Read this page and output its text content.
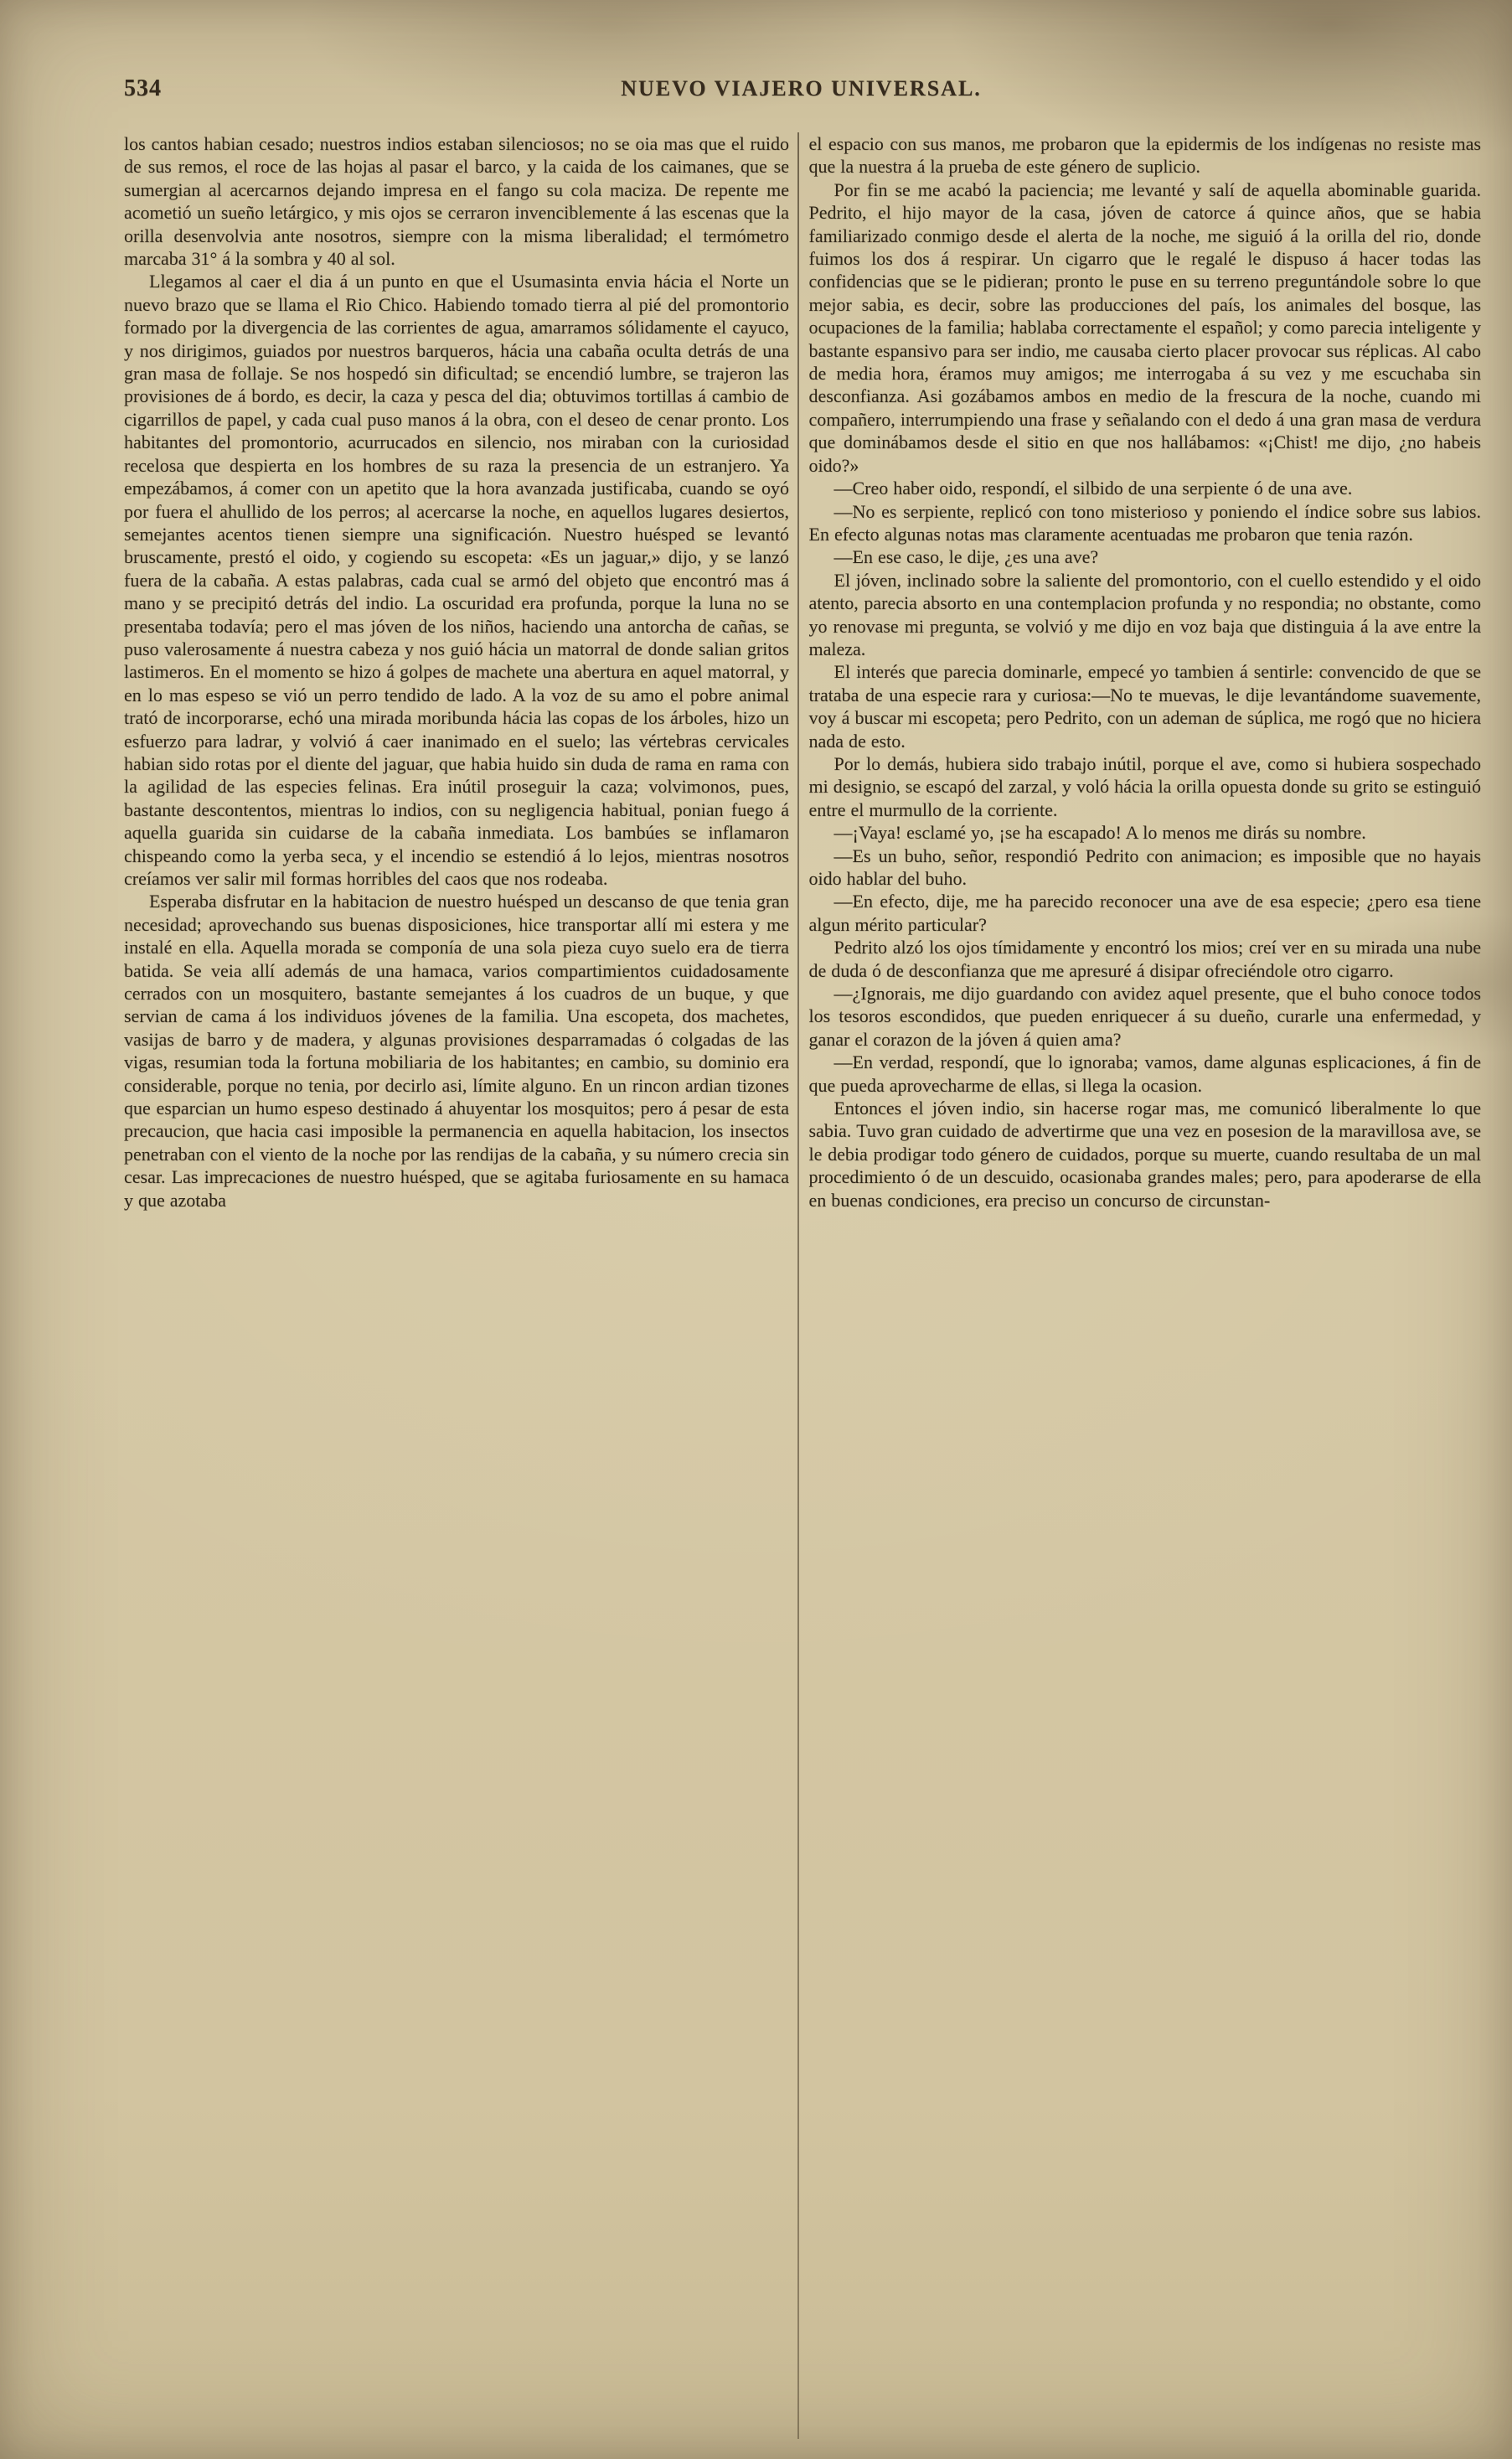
534	NUEVO VIAJERO UNIVERSAL.

los cantos habian cesado; nuestros indios estaban silenciosos; no se oia mas que el ruido de sus remos, el roce de las hojas al pasar el barco, y la caida de los caimanes, que se sumergian al acercarnos dejando impresa en el fango su cola maciza. De repente me acometió un sueño letárgico, y mis ojos se cerraron invenciblemente á las escenas que la orilla desenvolvia ante nosotros, siempre con la misma liberalidad; el termómetro marcaba 31° á la sombra y 40 al sol.

Llegamos al caer el dia á un punto en que el Usumasinta envia hácia el Norte un nuevo brazo que se llama el Rio Chico. Habiendo tomado tierra al pié del promontorio formado por la divergencia de las corrientes de agua, amarramos sólidamente el cayuco, y nos dirigimos, guiados por nuestros barqueros, hácia una cabaña oculta detrás de una gran masa de follaje. Se nos hospedó sin dificultad; se encendió lumbre, se trajeron las provisiones de á bordo, es decir, la caza y pesca del dia; obtuvimos tortillas á cambio de cigarrillos de papel, y cada cual puso manos á la obra, con el deseo de cenar pronto. Los habitantes del promontorio, acurrucados en silencio, nos miraban con la curiosidad recelosa que despierta en los hombres de su raza la presencia de un estranjero. Ya empezábamos, á comer con un apetito que la hora avanzada justificaba, cuando se oyó por fuera el ahullido de los perros; al acercarse la noche, en aquellos lugares desiertos, semejantes acentos tienen siempre una significación. Nuestro huésped se levantó bruscamente, prestó el oido, y cogiendo su escopeta: «Es un jaguar,» dijo, y se lanzó fuera de la cabaña. A estas palabras, cada cual se armó del objeto que encontró mas á mano y se precipitó detrás del indio. La oscuridad era profunda, porque la luna no se presentaba todavía; pero el mas jóven de los niños, haciendo una antorcha de cañas, se puso valerosamente á nuestra cabeza y nos guió hácia un matorral de donde salian gritos lastimeros. En el momento se hizo á golpes de machete una abertura en aquel matorral, y en lo mas espeso se vió un perro tendido de lado. A la voz de su amo el pobre animal trató de incorporarse, echó una mirada moribunda hácia las copas de los árboles, hizo un esfuerzo para ladrar, y volvió á caer inanimado en el suelo; las vértebras cervicales habian sido rotas por el diente del jaguar, que habia huido sin duda de rama en rama con la agilidad de las especies felinas. Era inútil proseguir la caza; volvimonos, pues, bastante descontentos, mientras lo indios, con su negligencia habitual, ponian fuego á aquella guarida sin cuidarse de la cabaña inmediata. Los bambúes se inflamaron chispeando como la yerba seca, y el incendio se estendió á lo lejos, mientras nosotros creíamos ver salir mil formas horribles del caos que nos rodeaba.

Esperaba disfrutar en la habitacion de nuestro huésped un descanso de que tenia gran necesidad; aprovechando sus buenas disposiciones, hice transportar allí mi estera y me instalé en ella. Aquella morada se componía de una sola pieza cuyo suelo era de tierra batida. Se veia allí además de una hamaca, varios compartimientos cuidadosamente cerrados con un mosquitero, bastante semejantes á los cuadros de un buque, y que servian de cama á los individuos jóvenes de la familia. Una escopeta, dos machetes, vasijas de barro y de madera, y algunas provisiones desparramadas ó colgadas de las vigas, resumian toda la fortuna mobiliaria de los habitantes; en cambio, su dominio era considerable, porque no tenia, por decirlo asi, límite alguno. En un rincon ardian tizones que esparcian un humo espeso destinado á ahuyentar los mosquitos; pero á pesar de esta precaucion, que hacia casi imposible la permanencia en aquella habitacion, los insectos penetraban con el viento de la noche por las rendijas de la cabaña, y su número crecia sin cesar. Las imprecaciones de nuestro huésped, que se agitaba furiosamente en su hamaca y que azotaba

el espacio con sus manos, me probaron que la epidermis de los indígenas no resiste mas que la nuestra á la prueba de este género de suplicio.

Por fin se me acabó la paciencia; me levanté y salí de aquella abominable guarida. Pedrito, el hijo mayor de la casa, jóven de catorce á quince años, que se habia familiarizado conmigo desde el alerta de la noche, me siguió á la orilla del rio, donde fuimos los dos á respirar. Un cigarro que le regalé le dispuso á hacer todas las confidencias que se le pidieran; pronto le puse en su terreno preguntándole sobre lo que mejor sabia, es decir, sobre las producciones del país, los animales del bosque, las ocupaciones de la familia; hablaba correctamente el español; y como parecia inteligente y bastante espansivo para ser indio, me causaba cierto placer provocar sus réplicas. Al cabo de media hora, éramos muy amigos; me interrogaba á su vez y me escuchaba sin desconfianza. Asi gozábamos ambos en medio de la frescura de la noche, cuando mi compañero, interrumpiendo una frase y señalando con el dedo á una gran masa de verdura que dominábamos desde el sitio en que nos hallábamos: «¡Chist! me dijo, ¿no habeis oido?»

—Creo haber oido, respondí, el silbido de una serpiente ó de una ave.

—No es serpiente, replicó con tono misterioso y poniendo el índice sobre sus labios. En efecto algunas notas mas claramente acentuadas me probaron que tenia razón.

—En ese caso, le dije, ¿es una ave?

El jóven, inclinado sobre la saliente del promontorio, con el cuello estendido y el oido atento, parecia absorto en una contemplacion profunda y no respondia; no obstante, como yo renovase mi pregunta, se volvió y me dijo en voz baja que distinguia á la ave entre la maleza.

El interés que parecia dominarle, empecé yo tambien á sentirle: convencido de que se trataba de una especie rara y curiosa:—No te muevas, le dije levantándome suavemente, voy á buscar mi escopeta; pero Pedrito, con un ademan de súplica, me rogó que no hiciera nada de esto.

Por lo demás, hubiera sido trabajo inútil, porque el ave, como si hubiera sospechado mi designio, se escapó del zarzal, y voló hácia la orilla opuesta donde su grito se estinguió entre el murmullo de la corriente.

—¡Vaya! esclamé yo, ¡se ha escapado! A lo menos me dirás su nombre.

—Es un buho, señor, respondió Pedrito con animacion; es imposible que no hayais oido hablar del buho.

—En efecto, dije, me ha parecido reconocer una ave de esa especie; ¿pero esa tiene algun mérito particular?

Pedrito alzó los ojos tímidamente y encontró los mios; creí ver en su mirada una nube de duda ó de desconfianza que me apresuré á disipar ofreciéndole otro cigarro.

—¿Ignorais, me dijo guardando con avidez aquel presente, que el buho conoce todos los tesoros escondidos, que pueden enriquecer á su dueño, curarle una enfermedad, y ganar el corazon de la jóven á quien ama?

—En verdad, respondí, que lo ignoraba; vamos, dame algunas esplicaciones, á fin de que pueda aprovecharme de ellas, si llega la ocasion.

Entonces el jóven indio, sin hacerse rogar mas, me comunicó liberalmente lo que sabia. Tuvo gran cuidado de advertirme que una vez en posesion de la maravillosa ave, se le debia prodigar todo género de cuidados, porque su muerte, cuando resultaba de un mal procedimiento ó de un descuido, ocasionaba grandes males; pero, para apoderarse de ella en buenas condiciones, era preciso un concurso de circunstan-
